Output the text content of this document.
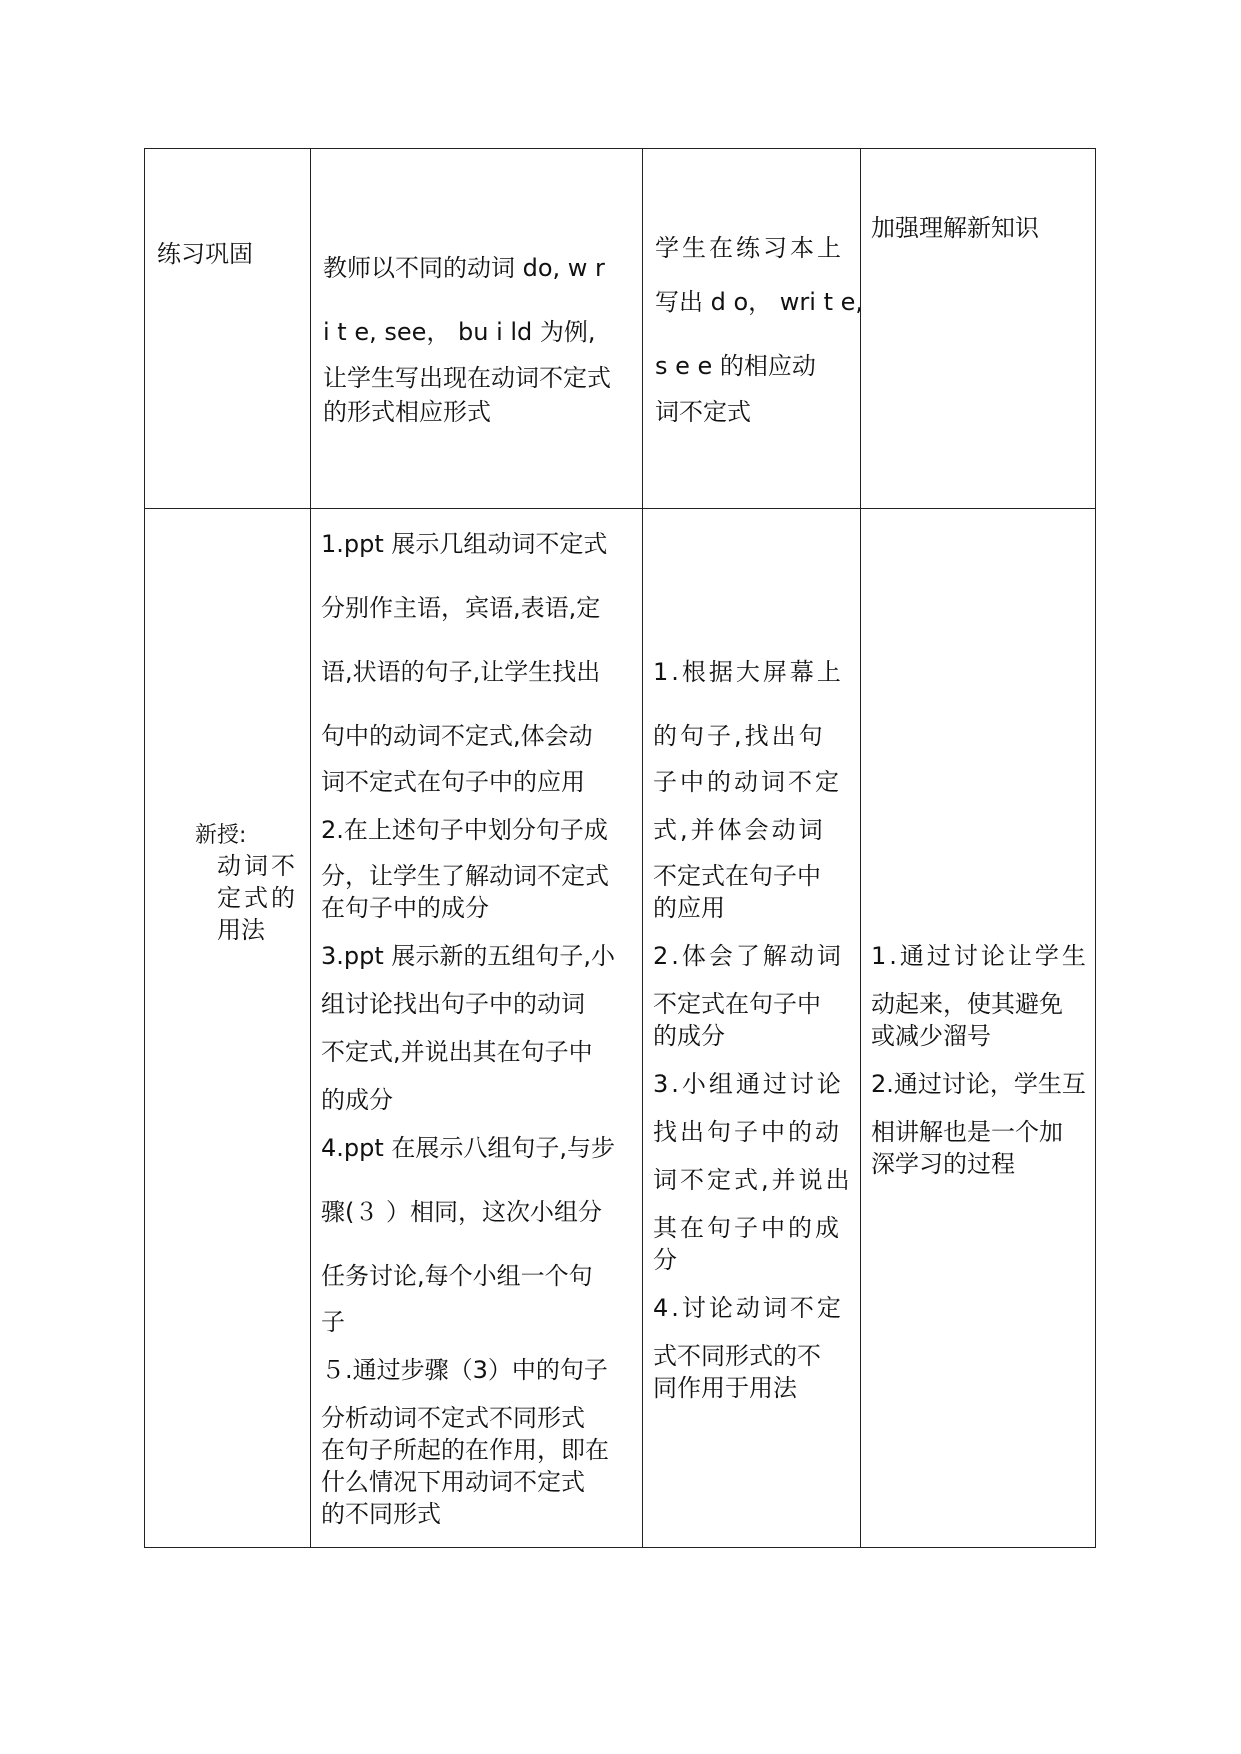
练习巩固	教师以不同的动词 do, w r
i t e, see， bu i ld 为例,
让学生写出现在动词不定式
的形式相应形式
学生在练习本上
写出 d o， wri t e,
s e e 的相应动
词不定式
加强理解新知识
新授:
动词不
定式的
用法
1.ppt 展示几组动词不定式
分别作主语，宾语,表语,定
语,状语的句子,让学生找出
句中的动词不定式,体会动
词不定式在句子中的应用
2.在上述句子中划分句子成
分，让学生了解动词不定式
在句子中的成分
3.ppt 展示新的五组句子,小
组讨论找出句子中的动词
不定式,并说出其在句子中
的成分
4.ppt 在展示八组句子,与步
骤(３ ）相同，这次小组分
任务讨论,每个小组一个句
子
５.通过步骤（3）中的句子
分析动词不定式不同形式
在句子所起的在作用，即在
什么情况下用动词不定式
的不同形式
1.根据大屏幕上
的句子,找出句
子中的动词不定
式,并体会动词
不定式在句子中
的应用
2.体会了解动词
不定式在句子中
的成分
3.小组通过讨论
找出句子中的动
词不定式,并说出
其在句子中的成
分
4.讨论动词不定
式不同形式的不
同作用于用法
1.通过讨论让学生
动起来，使其避免
或减少溜号
2.通过讨论，学生互
相讲解也是一个加
深学习的过程
